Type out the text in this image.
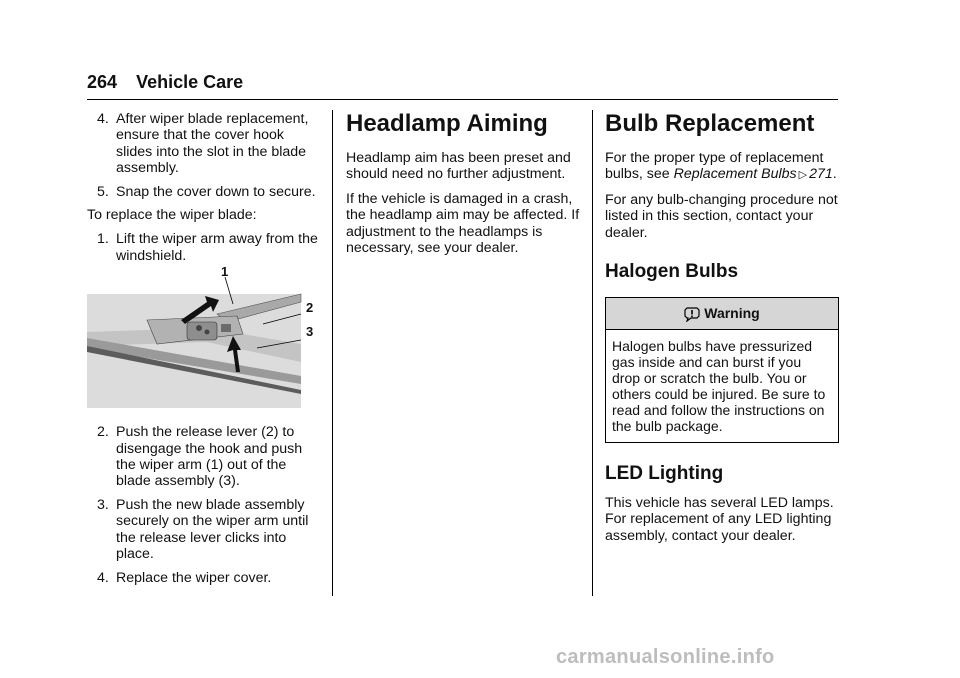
264 Vehicle Care
4. After wiper blade replacement, ensure that the cover hook slides into the slot in the blade assembly.
5. Snap the cover down to secure.
To replace the wiper blade:
1. Lift the wiper arm away from the windshield.
1
2
3
2. Push the release lever (2) to disengage the hook and push the wiper arm (1) out of the blade assembly (3).
3. Push the new blade assembly securely on the wiper arm until the release lever clicks into place.
4. Replace the wiper cover.
Headlamp Aiming
Headlamp aim has been preset and should need no further adjustment.
If the vehicle is damaged in a crash, the headlamp aim may be affected. If adjustment to the headlamps is necessary, see your dealer.
Bulb Replacement
For the proper type of replacement bulbs, see Replacement Bulbs ▷ 271.
For any bulb-changing procedure not listed in this section, contact your dealer.
Halogen Bulbs
Warning
Halogen bulbs have pressurized gas inside and can burst if you drop or scratch the bulb. You or others could be injured. Be sure to read and follow the instructions on the bulb package.
LED Lighting
This vehicle has several LED lamps. For replacement of any LED lighting assembly, contact your dealer.
carmanualsonline.info
